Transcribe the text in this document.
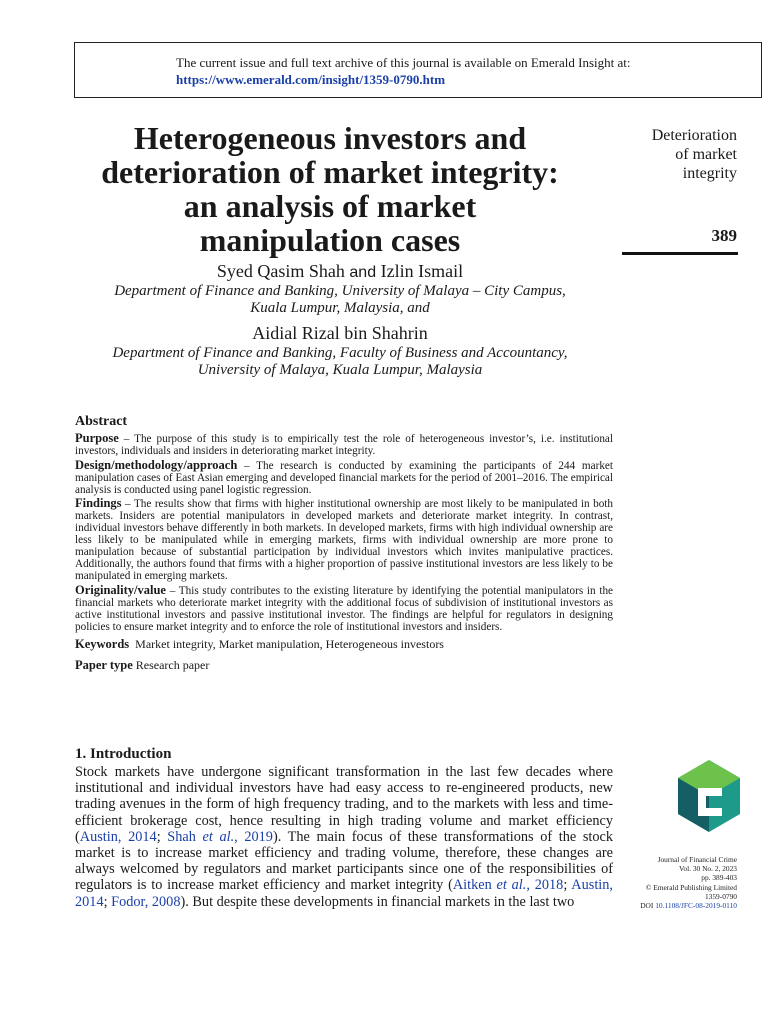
The current issue and full text archive of this journal is available on Emerald Insight at:
https://www.emerald.com/insight/1359-0790.htm
Heterogeneous investors and
deterioration of market integrity:
an analysis of market
manipulation cases
Syed Qasim Shah and Izlin Ismail
Department of Finance and Banking, University of Malaya – City Campus,
Kuala Lumpur, Malaysia, and
Aidial Rizal bin Shahrin
Department of Finance and Banking, Faculty of Business and Accountancy,
University of Malaya, Kuala Lumpur, Malaysia
Deterioration
of market
integrity
389
Abstract

Purpose – The purpose of this study is to empirically test the role of heterogeneous investor’s, i.e. institutional investors, individuals and insiders in deteriorating market integrity.

Design/methodology/approach – The research is conducted by examining the participants of 244 market manipulation cases of East Asian emerging and developed financial markets for the period of 2001–2016. The empirical analysis is conducted using panel logistic regression.

Findings – The results show that firms with higher institutional ownership are most likely to be manipulated in both markets. Insiders are potential manipulators in developed markets and deteriorate market integrity. In contrast, individual investors behave differently in both markets. In developed markets, firms with high individual ownership are less likely to be manipulated while in emerging markets, firms with individual ownership are more prone to manipulation because of substantial participation by individual investors which invites manipulative practices. Additionally, the authors found that firms with a higher proportion of passive institutional investors are less likely to be manipulated in emerging markets.

Originality/value – This study contributes to the existing literature by identifying the potential manipulators in the financial markets who deteriorate market integrity with the additional focus of subdivision of institutional investors as active institutional investors and passive institutional investor. The findings are helpful for regulators in designing policies to ensure market integrity and to enforce the role of institutional investors and insiders.

Keywords Market integrity, Market manipulation, Heterogeneous investors
Paper type Research paper
1. Introduction

Stock markets have undergone significant transformation in the last few decades where institutional and individual investors have had easy access to re-engineered products, new trading avenues in the form of high frequency trading, and to the markets with less and time-efficient brokerage cost, hence resulting in high trading volume and market efficiency (Austin, 2014; Shah et al., 2019). The main focus of these transformations of the stock market is to increase market efficiency and trading volume, therefore, these changes are always welcomed by regulators and market participants since one of the responsibilities of regulators is to increase market efficiency and market integrity (Aitken et al., 2018; Austin, 2014; Fodor, 2008). But despite these developments in financial markets in the last two

Journal of Financial Crime
Vol. 30 No. 2, 2023
pp. 389-403
© Emerald Publishing Limited
1359-0790
DOI 10.1108/JFC-08-2019-0110
